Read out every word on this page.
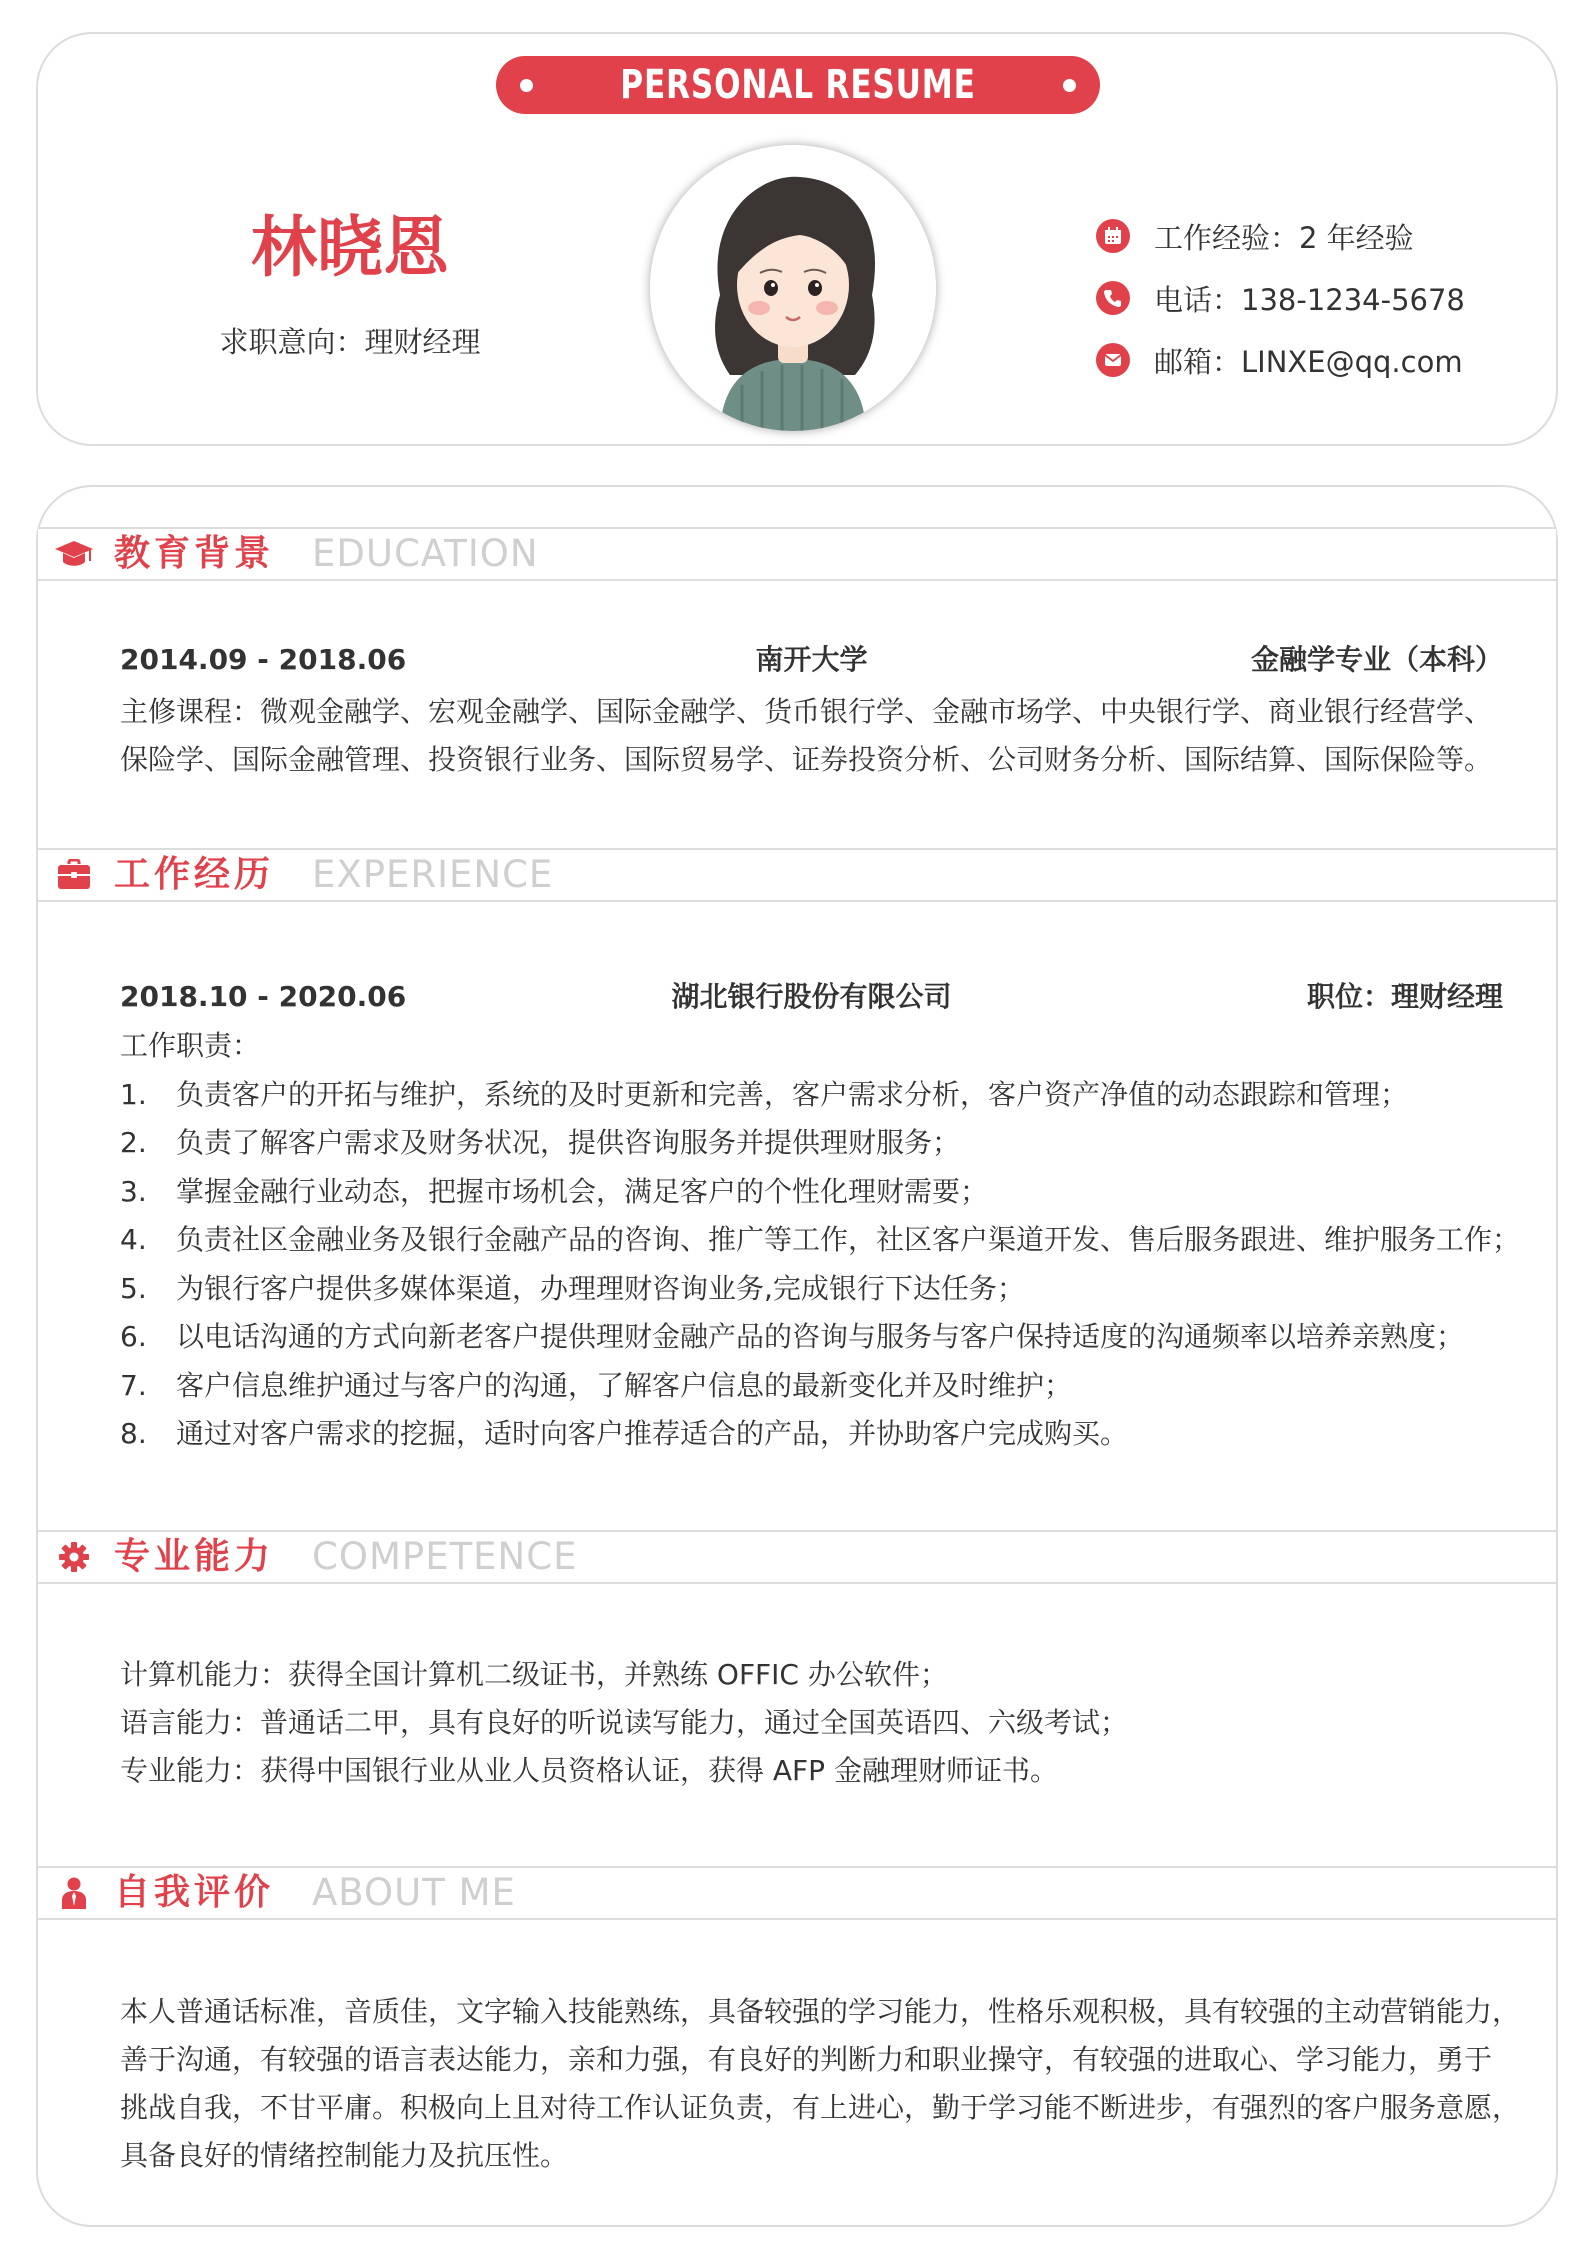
PERSONAL RESUME
林晓恩
求职意向：理财经理
工作经验：2 年经验
电话：138-1234-5678
邮箱：LINXE@qq.com
教育背景 EDUCATION
2014.09 - 2018.06	南开大学	金融学专业（本科）
主修课程：微观金融学、宏观金融学、国际金融学、货币银行学、金融市场学、中央银行学、商业银行经营学、
保险学、国际金融管理、投资银行业务、国际贸易学、证券投资分析、公司财务分析、国际结算、国际保险等。
工作经历 EXPERIENCE
2018.10 - 2020.06	湖北银行股份有限公司	职位：理财经理
工作职责：
1. 负责客户的开拓与维护，系统的及时更新和完善，客户需求分析，客户资产净值的动态跟踪和管理；
2. 负责了解客户需求及财务状况，提供咨询服务并提供理财服务；
3. 掌握金融行业动态，把握市场机会，满足客户的个性化理财需要；
4. 负责社区金融业务及银行金融产品的咨询、推广等工作，社区客户渠道开发、售后服务跟进、维护服务工作；
5. 为银行客户提供多媒体渠道，办理理财咨询业务,完成银行下达任务；
6. 以电话沟通的方式向新老客户提供理财金融产品的咨询与服务与客户保持适度的沟通频率以培养亲熟度；
7. 客户信息维护通过与客户的沟通，了解客户信息的最新变化并及时维护；
8. 通过对客户需求的挖掘，适时向客户推荐适合的产品，并协助客户完成购买。
专业能力 COMPETENCE
计算机能力：获得全国计算机二级证书，并熟练 OFFIC 办公软件；
语言能力：普通话二甲，具有良好的听说读写能力，通过全国英语四、六级考试；
专业能力：获得中国银行业从业人员资格认证，获得 AFP 金融理财师证书。
自我评价 ABOUT ME
本人普通话标准，音质佳，文字输入技能熟练，具备较强的学习能力，性格乐观积极，具有较强的主动营销能力，
善于沟通，有较强的语言表达能力，亲和力强，有良好的判断力和职业操守，有较强的进取心、学习能力，勇于
挑战自我，不甘平庸。积极向上且对待工作认证负责，有上进心，勤于学习能不断进步，有强烈的客户服务意愿，
具备良好的情绪控制能力及抗压性。
